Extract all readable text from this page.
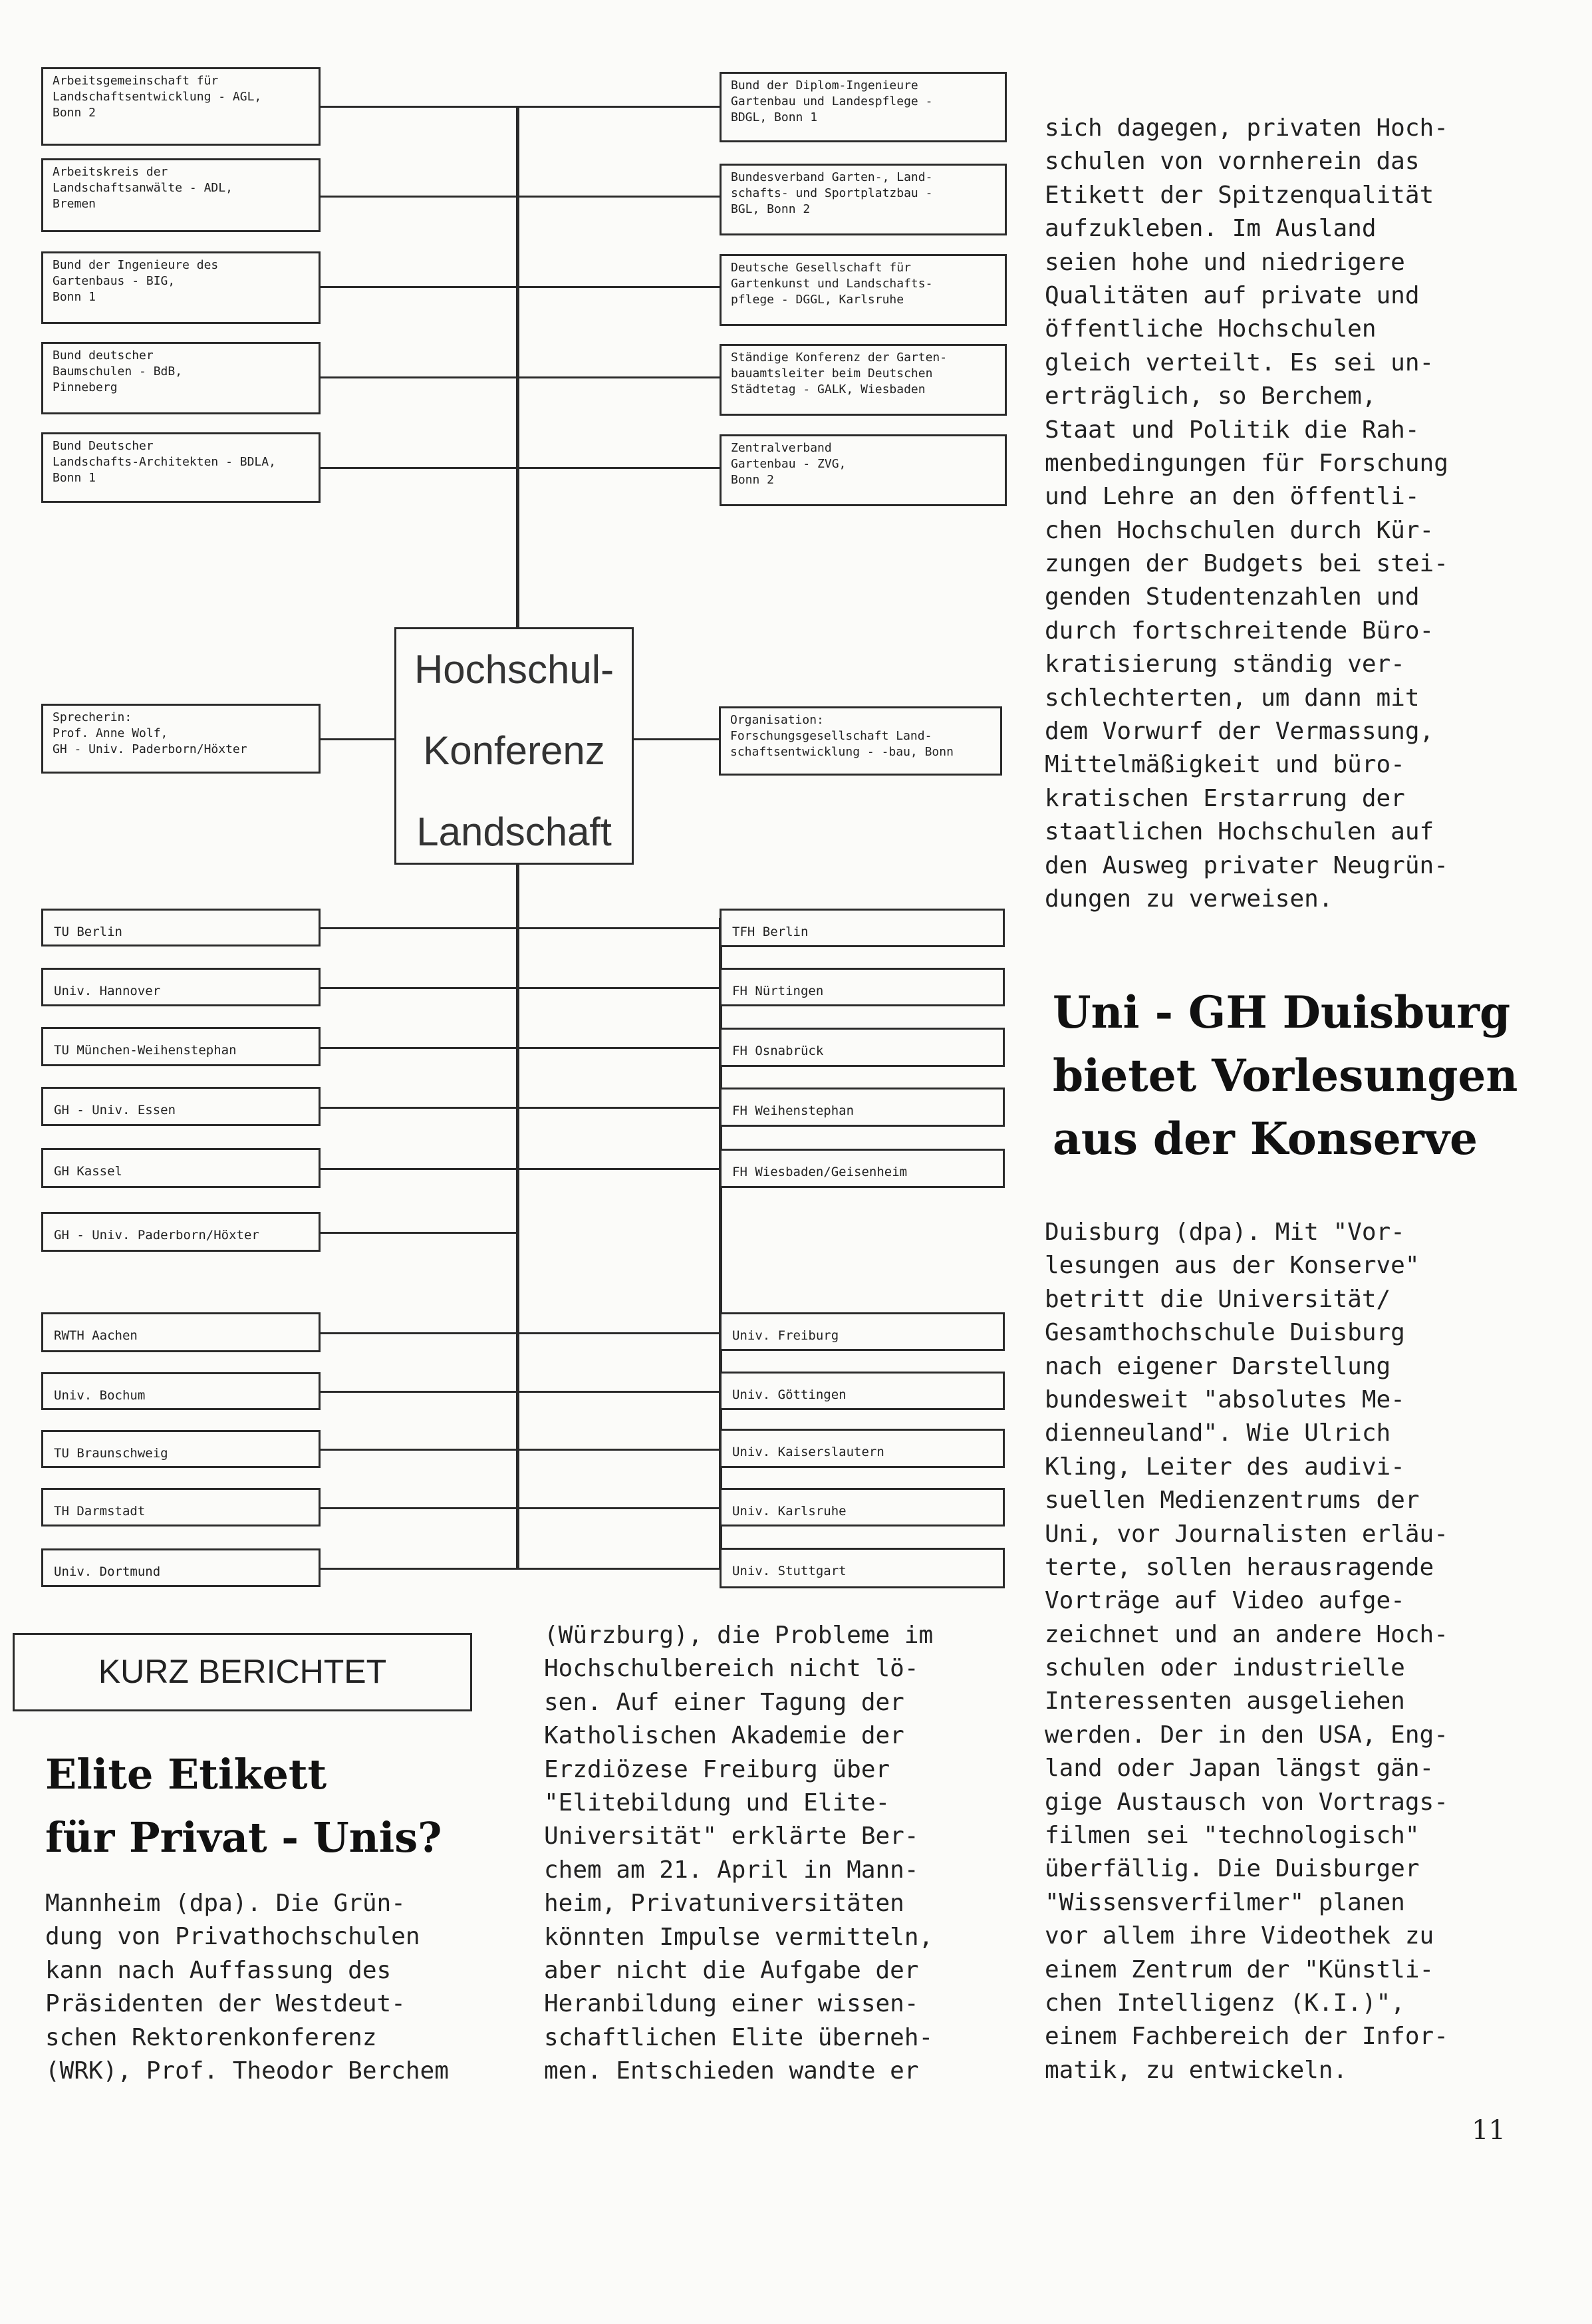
Hochschul-
Konferenz
Landschaft
Arbeitsgemeinschaft für
Landschaftsentwicklung - AGL,
Bonn 2
Arbeitskreis der
Landschaftsanwälte - ADL,
Bremen
Bund der Ingenieure des
Gartenbaus - BIG,
Bonn 1
Bund deutscher
Baumschulen - BdB,
Pinneberg
Bund Deutscher
Landschafts-Architekten - BDLA,
Bonn 1
Bund der Diplom-Ingenieure
Gartenbau und Landespflege -
BDGL, Bonn 1
Bundesverband Garten-, Land-
schafts- und Sportplatzbau -
BGL, Bonn 2
Deutsche Gesellschaft für
Gartenkunst und Landschafts-
pflege - DGGL, Karlsruhe
Ständige Konferenz der Garten-
bauamtsleiter beim Deutschen
Städtetag - GALK, Wiesbaden
Zentralverband
Gartenbau - ZVG,
Bonn 2
Sprecherin:
Prof. Anne Wolf,
GH - Univ. Paderborn/Höxter
Organisation:
Forschungsgesellschaft Land-
schaftsentwicklung - -bau, Bonn
TU Berlin
Univ. Hannover
TU München-Weihenstephan
GH - Univ. Essen
GH Kassel
GH - Univ. Paderborn/Höxter
RWTH Aachen
Univ. Bochum
TU Braunschweig
TH Darmstadt
Univ. Dortmund
TFH Berlin
FH Nürtingen
FH Osnabrück
FH Weihenstephan
FH Wiesbaden/Geisenheim
Univ. Freiburg
Univ. Göttingen
Univ. Kaiserslautern
Univ. Karlsruhe
Univ. Stuttgart
sich dagegen, privaten Hoch-
schulen von vornherein das
Etikett der Spitzenqualität
aufzukleben. Im Ausland
seien hohe und niedrigere
Qualitäten auf private und
öffentliche Hochschulen
gleich verteilt. Es sei un-
erträglich, so Berchem,
Staat und Politik die Rah-
menbedingungen für Forschung
und Lehre an den öffentli-
chen Hochschulen durch Kür-
zungen der Budgets bei stei-
genden Studentenzahlen und
durch fortschreitende Büro-
kratisierung ständig ver-
schlechterten, um dann mit
dem Vorwurf der Vermassung,
Mittelmäßigkeit und büro-
kratischen Erstarrung der
staatlichen Hochschulen auf
den Ausweg privater Neugrün-
dungen zu verweisen.
Uni - GH Duisburg
bietet Vorlesungen
aus der Konserve
Duisburg (dpa). Mit "Vor-
lesungen aus der Konserve"
betritt die Universität/
Gesamthochschule Duisburg
nach eigener Darstellung
bundesweit "absolutes Me-
dienneuland". Wie Ulrich
Kling, Leiter des audivi-
suellen Medienzentrums der
Uni, vor Journalisten erläu-
terte, sollen herausragende
Vorträge auf Video aufge-
zeichnet und an andere Hoch-
schulen oder industrielle
Interessenten ausgeliehen
werden. Der in den USA, Eng-
land oder Japan längst gän-
gige Austausch von Vortrags-
filmen sei "technologisch"
überfällig. Die Duisburger
"Wissensverfilmer" planen
vor allem ihre Videothek zu
einem Zentrum der "Künstli-
chen Intelligenz (K.I.)",
einem Fachbereich der Infor-
matik, zu entwickeln.
KURZ BERICHTET
Elite Etikett
für Privat - Unis?
Mannheim (dpa). Die Grün-
dung von Privathochschulen
kann nach Auffassung des
Präsidenten der Westdeut-
schen Rektorenkonferenz
(WRK), Prof. Theodor Berchem
(Würzburg), die Probleme im
Hochschulbereich nicht lö-
sen. Auf einer Tagung der
Katholischen Akademie der
Erzdiözese Freiburg über
"Elitebildung und Elite-
Universität" erklärte Ber-
chem am 21. April in Mann-
heim, Privatuniversitäten
könnten Impulse vermitteln,
aber nicht die Aufgabe der
Heranbildung einer wissen-
schaftlichen Elite überneh-
men. Entschieden wandte er
11
